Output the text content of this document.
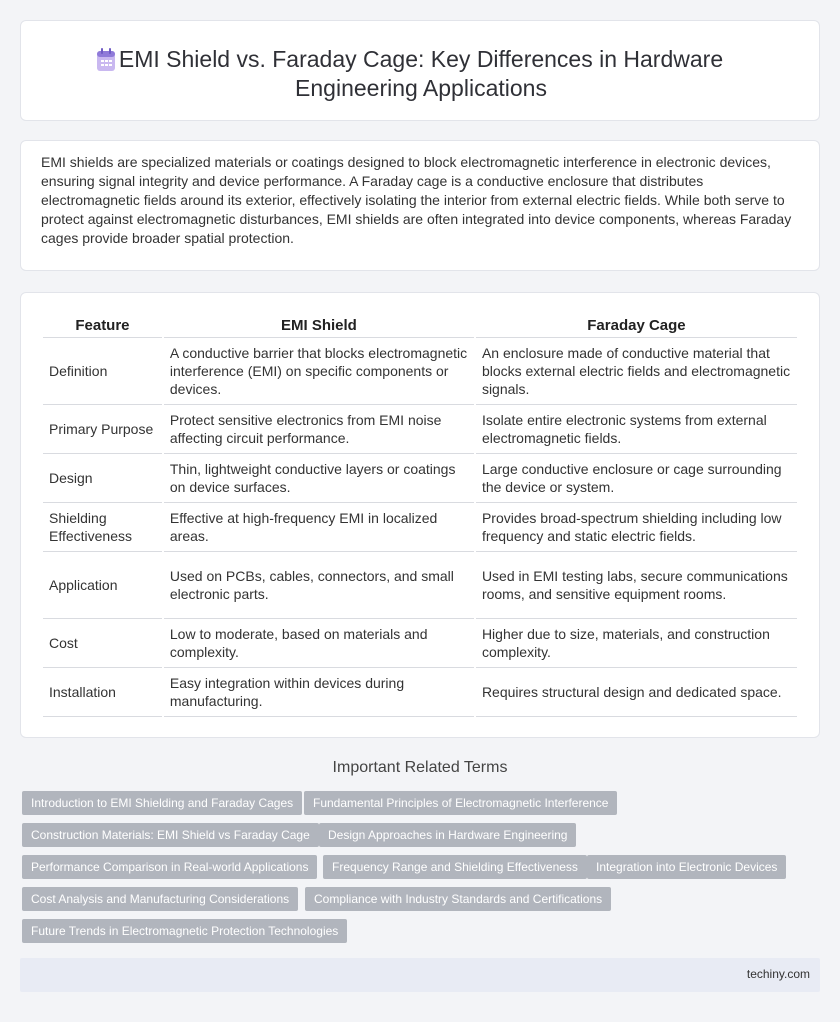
EMI Shield vs. Faraday Cage: Key Differences in Hardware Engineering Applications

EMI shields are specialized materials or coatings designed to block electromagnetic interference in electronic devices, ensuring signal integrity and device performance. A Faraday cage is a conductive enclosure that distributes electromagnetic fields around its exterior, effectively isolating the interior from external electric fields. While both serve to protect against electromagnetic disturbances, EMI shields are often integrated into device components, whereas Faraday cages provide broader spatial protection.

Feature	EMI Shield	Faraday Cage
Definition	A conductive barrier that blocks electromagnetic interference (EMI) on specific components or devices.	An enclosure made of conductive material that blocks external electric fields and electromagnetic signals.
Primary Purpose	Protect sensitive electronics from EMI noise affecting circuit performance.	Isolate entire electronic systems from external electromagnetic fields.
Design	Thin, lightweight conductive layers or coatings on device surfaces.	Large conductive enclosure or cage surrounding the device or system.
Shielding Effectiveness	Effective at high-frequency EMI in localized areas.	Provides broad-spectrum shielding including low frequency and static electric fields.
Application	Used on PCBs, cables, connectors, and small electronic parts.	Used in EMI testing labs, secure communications rooms, and sensitive equipment rooms.
Cost	Low to moderate, based on materials and complexity.	Higher due to size, materials, and construction complexity.
Installation	Easy integration within devices during manufacturing.	Requires structural design and dedicated space.
Important Related Terms
Introduction to EMI Shielding and Faraday Cages	Fundamental Principles of Electromagnetic Interference
Construction Materials: EMI Shield vs Faraday Cage	Design Approaches in Hardware Engineering
Performance Comparison in Real-world Applications	Frequency Range and Shielding Effectiveness	Integration into Electronic Devices
Cost Analysis and Manufacturing Considerations	Compliance with Industry Standards and Certifications
Future Trends in Electromagnetic Protection Technologies
techiny.com
